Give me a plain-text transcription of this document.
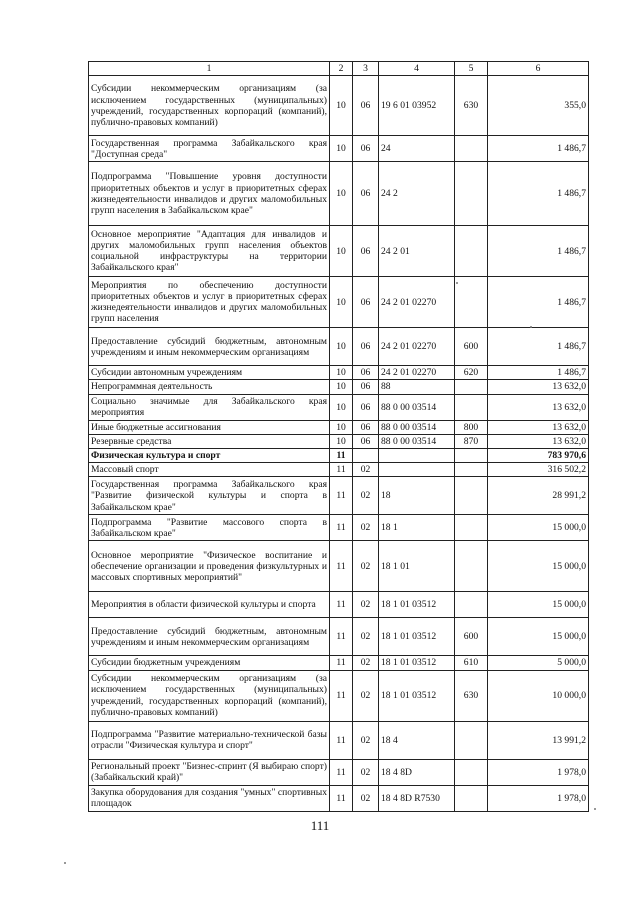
1	2	3	4	5	6
Субсидии некоммерческим организациям (за исключением государственных (муниципальных) учреждений, государственных корпораций (компаний), публично-правовых компаний)	10	06	19 6 01 03952	630	355,0
Государственная программа Забайкальского края "Доступная среда"	10	06	24		1 486,7
Подпрограмма "Повышение уровня доступности приоритетных объектов и услуг в приоритетных сферах жизнедеятельности инвалидов и других маломобильных групп населения в Забайкальском крае"	10	06	24 2		1 486,7
Основное мероприятие "Адаптация для инвалидов и других маломобильных групп населения объектов социальной инфраструктуры на территории Забайкальского края"	10	06	24 2 01		1 486,7
Мероприятия по обеспечению доступности приоритетных объектов и услуг в приоритетных сферах жизнедеятельности инвалидов и других маломобильных групп населения	10	06	24 2 01 02270		1 486,7
Предоставление субсидий бюджетным, автономным учреждениям и иным некоммерческим организациям	10	06	24 2 01 02270	600	1 486,7
Субсидии автономным учреждениям	10	06	24 2 01 02270	620	1 486,7
Непрограммная деятельность	10	06	88		13 632,0
Социально значимые для Забайкальского края мероприятия	10	06	88 0 00 03514		13 632,0
Иные бюджетные ассигнования	10	06	88 0 00 03514	800	13 632,0
Резервные средства	10	06	88 0 00 03514	870	13 632,0
Физическая культура и спорт	11				783 970,6
Массовый спорт	11	02			316 502,2
Государственная программа Забайкальского края "Развитие физической культуры и спорта в Забайкальском крае"	11	02	18		28 991,2
Подпрограмма "Развитие массового спорта в Забайкальском крае"	11	02	18 1		15 000,0
Основное мероприятие "Физическое воспитание и обеспечение организации и проведения физкультурных и массовых спортивных мероприятий"	11	02	18 1 01		15 000,0
Мероприятия в области физической культуры и спорта	11	02	18 1 01 03512		15 000,0
Предоставление субсидий бюджетным, автономным учреждениям и иным некоммерческим организациям	11	02	18 1 01 03512	600	15 000,0
Субсидии бюджетным учреждениям	11	02	18 1 01 03512	610	5 000,0
Субсидии некоммерческим организациям (за исключением государственных (муниципальных) учреждений, государственных корпораций (компаний), публично-правовых компаний)	11	02	18 1 01 03512	630	10 000,0
Подпрограмма "Развитие материально-технической базы отрасли "Физическая культура и спорт"	11	02	18 4		13 991,2
Региональный проект "Бизнес-спринт (Я выбираю спорт) (Забайкальский край)"	11	02	18 4 8D		1 978,0
Закупка оборудования для создания "умных" спортивных площадок	11	02	18 4 8D R7530		1 978,0
111
